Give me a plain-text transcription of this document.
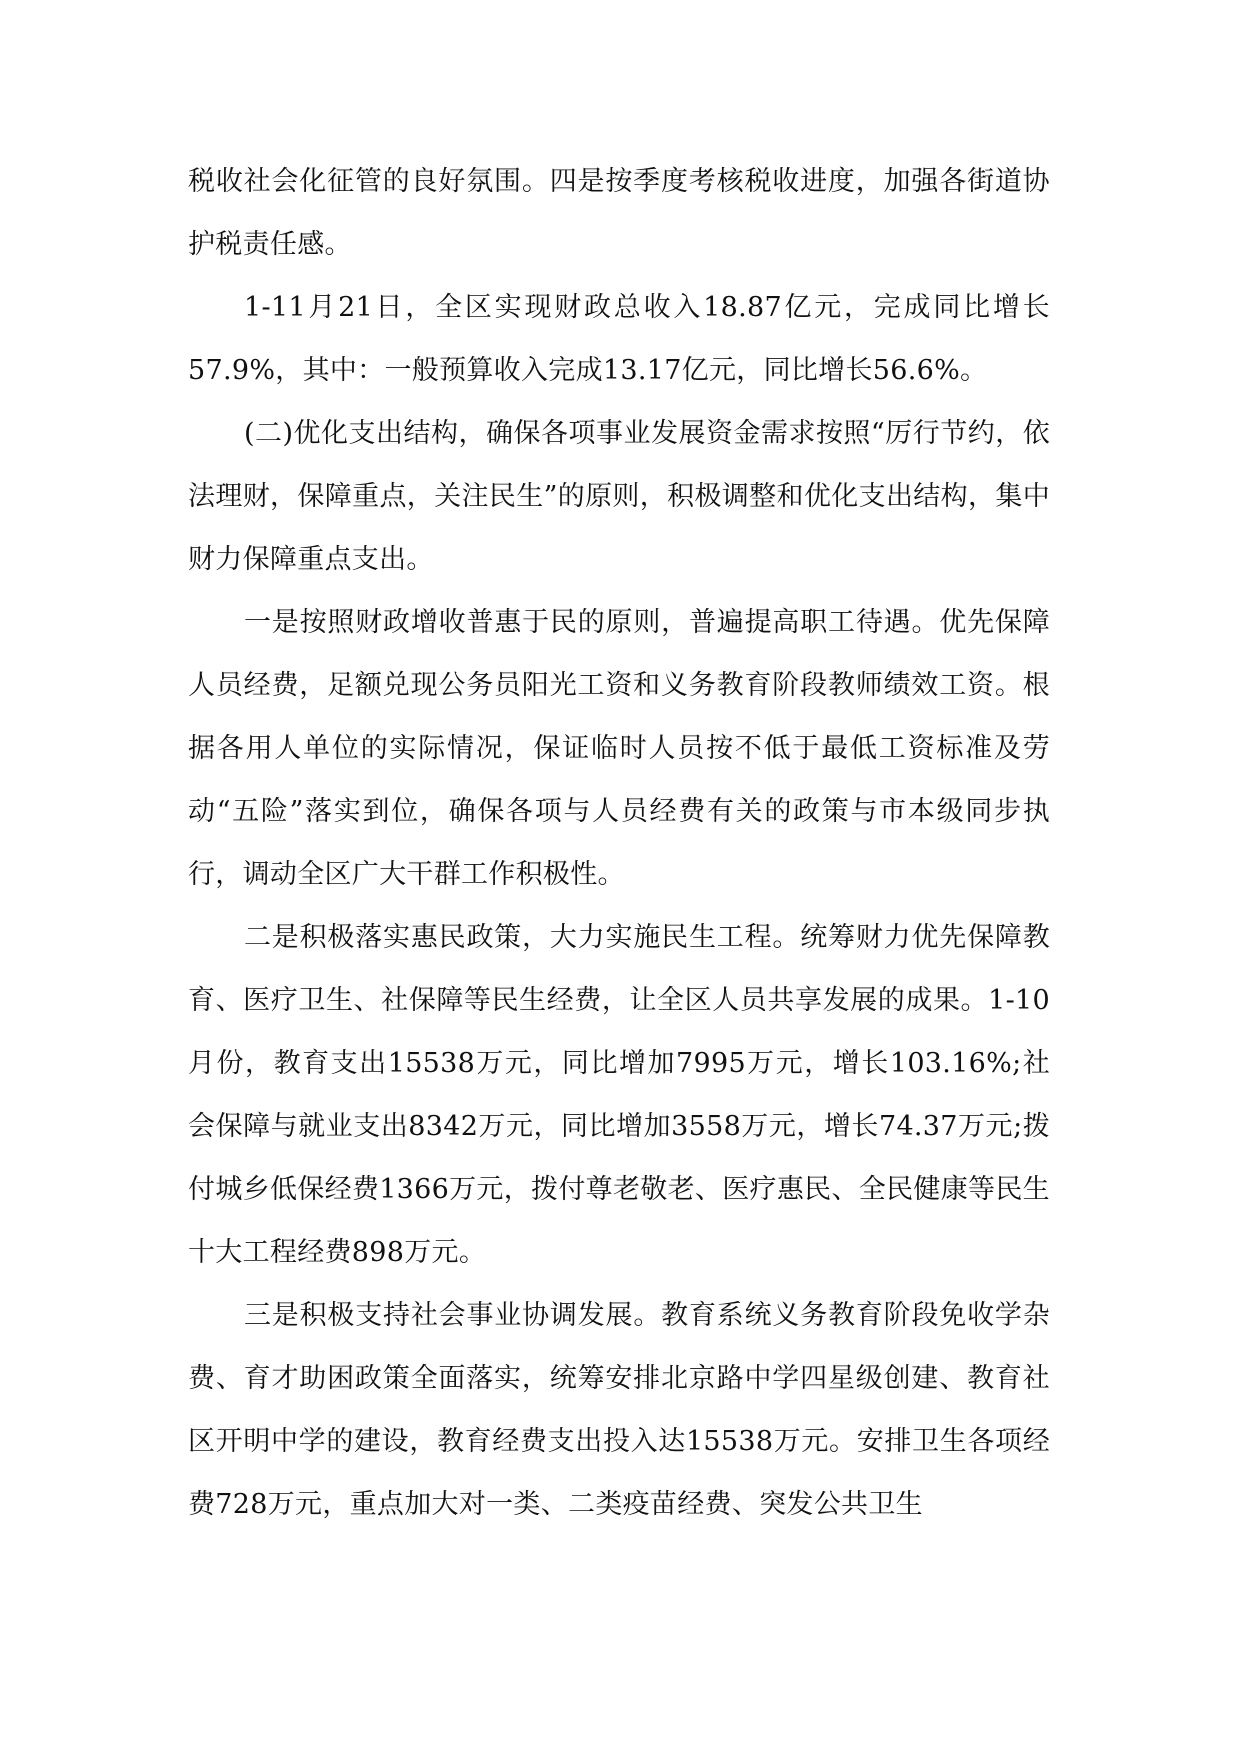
税收社会化征管的良好氛围。四是按季度考核税收进度，加强各街道协护税责任感。

1-11月21日，全区实现财政总收入18.87亿元，完成同比增长57.9%，其中：一般预算收入完成13.17亿元，同比增长56.6%。

(二)优化支出结构，确保各项事业发展资金需求按照“厉行节约，依法理财，保障重点，关注民生”的原则，积极调整和优化支出结构，集中财力保障重点支出。

一是按照财政增收普惠于民的原则，普遍提高职工待遇。优先保障人员经费，足额兑现公务员阳光工资和义务教育阶段教师绩效工资。根据各用人单位的实际情况，保证临时人员按不低于最低工资标准及劳动“五险”落实到位，确保各项与人员经费有关的政策与市本级同步执行，调动全区广大干群工作积极性。

二是积极落实惠民政策，大力实施民生工程。统筹财力优先保障教育、医疗卫生、社保障等民生经费，让全区人员共享发展的成果。1-10月份，教育支出15538万元，同比增加7995万元，增长103.16%;社会保障与就业支出8342万元，同比增加3558万元，增长74.37万元;拨付城乡低保经费1366万元，拨付尊老敬老、医疗惠民、全民健康等民生十大工程经费898万元。

三是积极支持社会事业协调发展。教育系统义务教育阶段免收学杂费、育才助困政策全面落实，统筹安排北京路中学四星级创建、教育社区开明中学的建设，教育经费支出投入达15538万元。安排卫生各项经费728万元，重点加大对一类、二类疫苗经费、突发公共卫生
